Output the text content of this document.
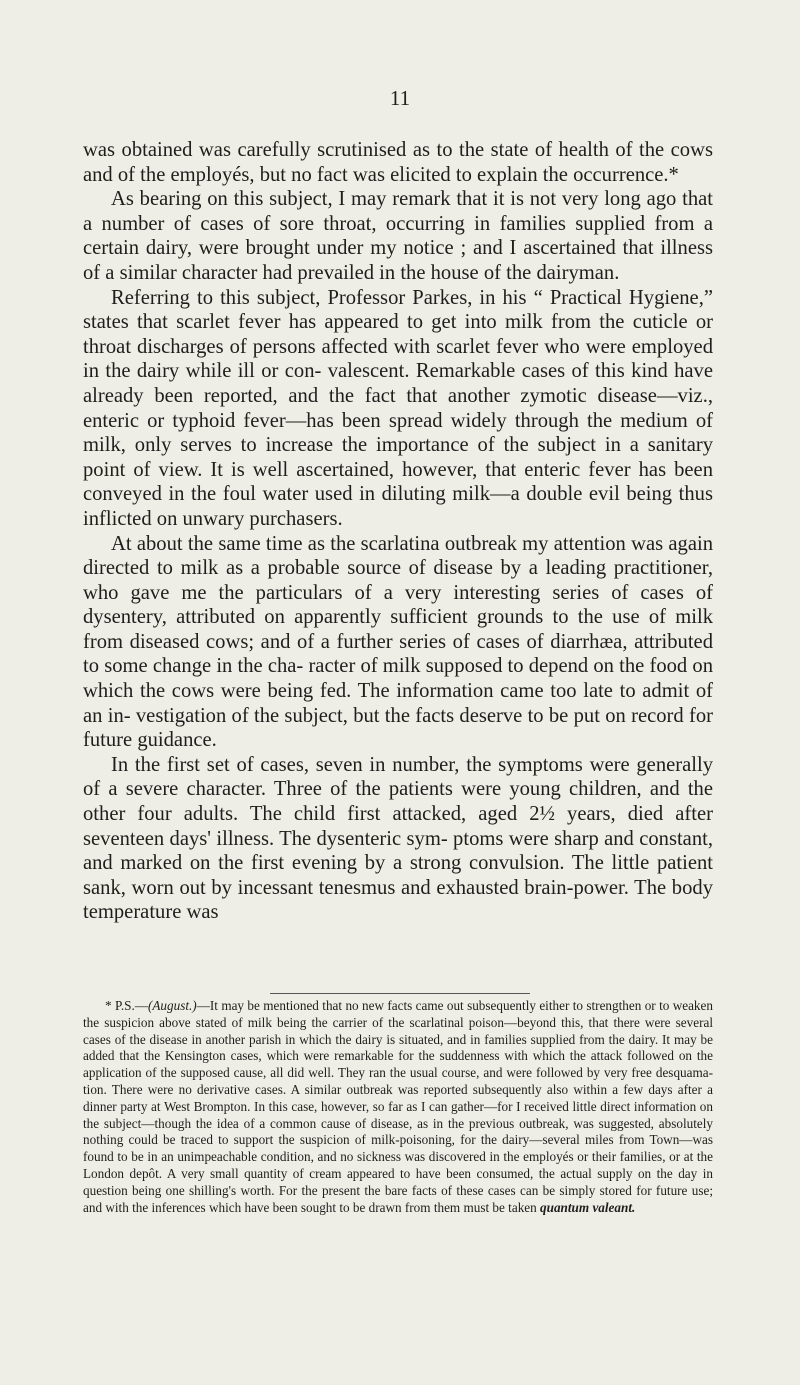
11

was obtained was carefully scrutinised as to the state of health of the cows and of the employés, but no fact was elicited to explain the occurrence.*

As bearing on this subject, I may remark that it is not very long ago that a number of cases of sore throat, occurring in families supplied from a certain dairy, were brought under my notice ; and I ascertained that illness of a similar character had prevailed in the house of the dairyman.

Referring to this subject, Professor Parkes, in his “ Practical Hygiene,” states that scarlet fever has appeared to get into milk from the cuticle or throat discharges of persons affected with scarlet fever who were employed in the dairy while ill or con- valescent. Remarkable cases of this kind have already been reported, and the fact that another zymotic disease—viz., enteric or typhoid fever—has been spread widely through the medium of milk, only serves to increase the importance of the subject in a sanitary point of view. It is well ascertained, however, that enteric fever has been conveyed in the foul water used in diluting milk—a double evil being thus inflicted on unwary purchasers.

At about the same time as the scarlatina outbreak my attention was again directed to milk as a probable source of disease by a leading practitioner, who gave me the particulars of a very interesting series of cases of dysentery, attributed on apparently sufficient grounds to the use of milk from diseased cows; and of a further series of cases of diarrhæa, attributed to some change in the cha- racter of milk supposed to depend on the food on which the cows were being fed. The information came too late to admit of an in- vestigation of the subject, but the facts deserve to be put on record for future guidance.

In the first set of cases, seven in number, the symptoms were generally of a severe character. Three of the patients were young children, and the other four adults. The child first attacked, aged 2½ years, died after seventeen days' illness. The dysenteric sym- ptoms were sharp and constant, and marked on the first evening by a strong convulsion. The little patient sank, worn out by incessant tenesmus and exhausted brain-power. The body temperature was

* P.S.—(August.)—It may be mentioned that no new facts came out subsequently either to strengthen or to weaken the suspicion above stated of milk being the carrier of the scarlatinal poison—beyond this, that there were several cases of the disease in another parish in which the dairy is situated, and in families supplied from the dairy. It may be added that the Kensington cases, which were remarkable for the suddenness with which the attack followed on the application of the supposed cause, all did well. They ran the usual course, and were followed by very free desquama- tion. There were no derivative cases. A similar outbreak was reported subsequently also within a few days after a dinner party at West Brompton. In this case, however, so far as I can gather—for I received little direct information on the subject—though the idea of a common cause of disease, as in the previous outbreak, was suggested, absolutely nothing could be traced to support the suspicion of milk-poisoning, for the dairy—several miles from Town—was found to be in an unimpeachable condition, and no sickness was discovered in the employés or their families, or at the London depôt. A very small quantity of cream appeared to have been consumed, the actual supply on the day in question being one shilling's worth. For the present the bare facts of these cases can be simply stored for future use; and with the inferences which have been sought to be drawn from them must be taken quantum valeant.
